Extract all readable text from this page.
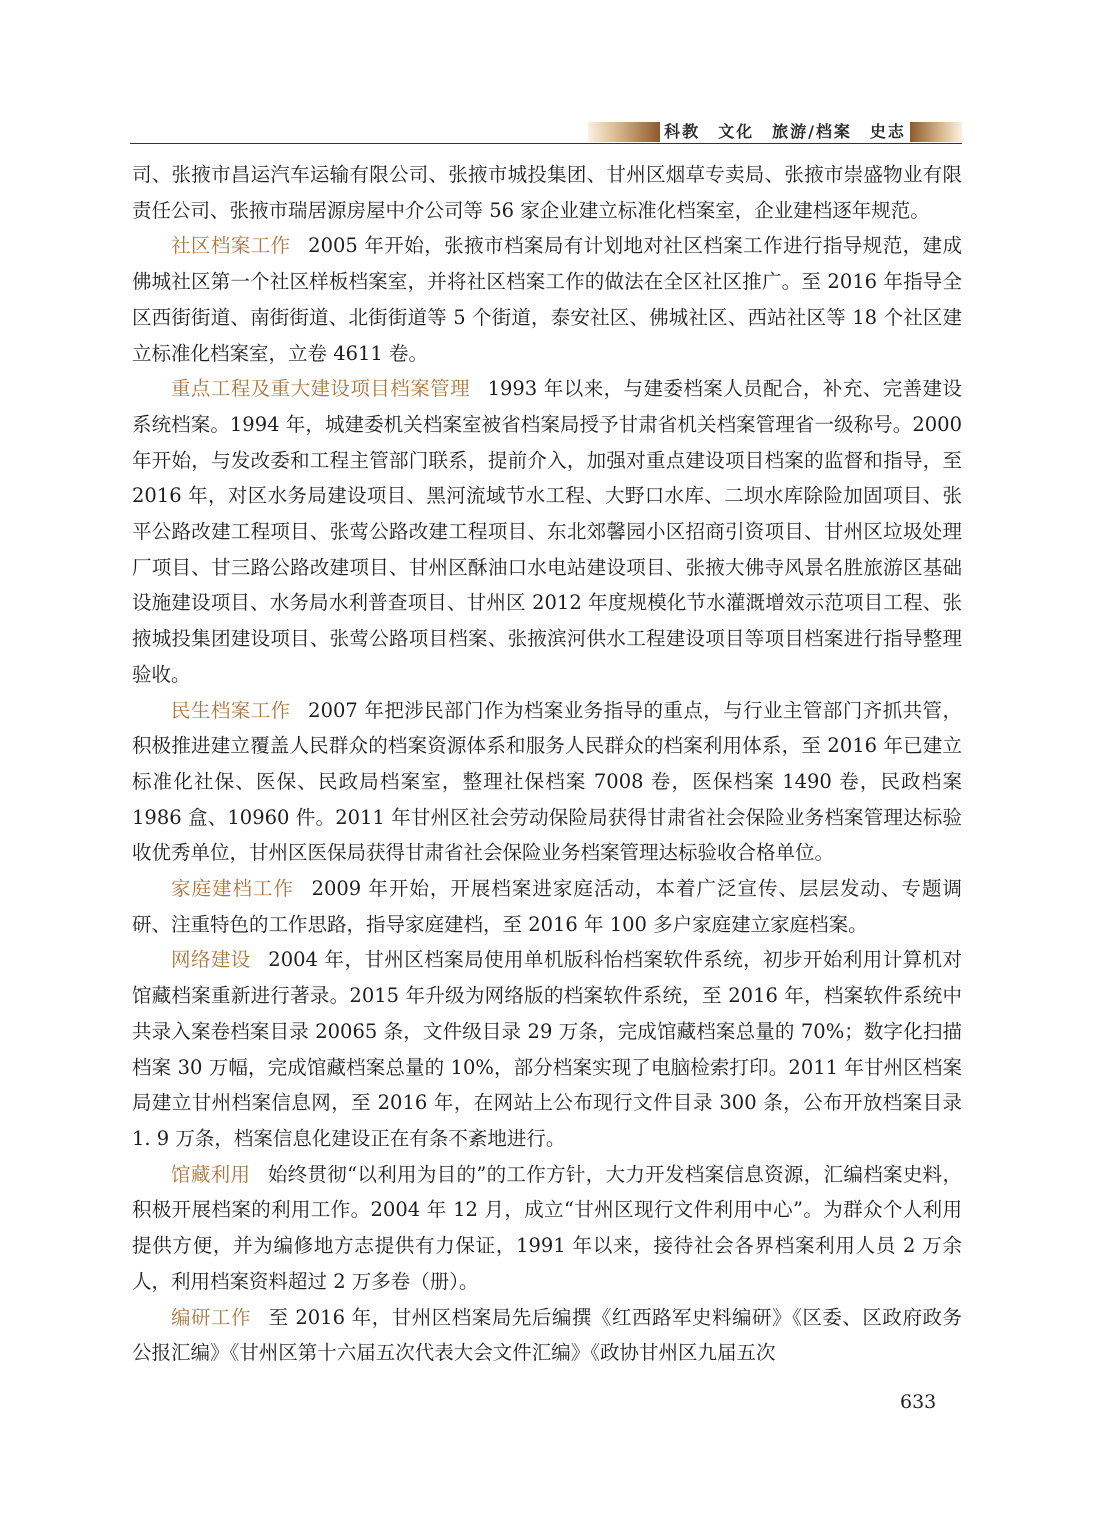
科教　文化　旅游/档案　史志

司、张掖市昌运汽车运输有限公司、张掖市城投集团、甘州区烟草专卖局、张掖市崇盛物业有限责任公司、张掖市瑞居源房屋中介公司等 56 家企业建立标准化档案室，企业建档逐年规范。

社区档案工作 2005 年开始，张掖市档案局有计划地对社区档案工作进行指导规范，建成佛城社区第一个社区样板档案室，并将社区档案工作的做法在全区社区推广。至 2016 年指导全区西街街道、南街街道、北街街道等 5 个街道，泰安社区、佛城社区、西站社区等 18 个社区建立标准化档案室，立卷 4611 卷。

重点工程及重大建设项目档案管理 1993 年以来，与建委档案人员配合，补充、完善建设系统档案。1994 年，城建委机关档案室被省档案局授予甘肃省机关档案管理省一级称号。2000 年开始，与发改委和工程主管部门联系，提前介入，加强对重点建设项目档案的监督和指导，至 2016 年，对区水务局建设项目、黑河流域节水工程、大野口水库、二坝水库除险加固项目、张平公路改建工程项目、张莺公路改建工程项目、东北郊馨园小区招商引资项目、甘州区垃圾处理厂项目、甘三路公路改建项目、甘州区酥油口水电站建设项目、张掖大佛寺风景名胜旅游区基础设施建设项目、水务局水利普查项目、甘州区 2012 年度规模化节水灌溉增效示范项目工程、张掖城投集团建设项目、张莺公路项目档案、张掖滨河供水工程建设项目等项目档案进行指导整理验收。

民生档案工作 2007 年把涉民部门作为档案业务指导的重点，与行业主管部门齐抓共管，积极推进建立覆盖人民群众的档案资源体系和服务人民群众的档案利用体系，至 2016 年已建立标准化社保、医保、民政局档案室，整理社保档案 7008 卷，医保档案 1490 卷，民政档案 1986 盒、10960 件。2011 年甘州区社会劳动保险局获得甘肃省社会保险业务档案管理达标验收优秀单位，甘州区医保局获得甘肃省社会保险业务档案管理达标验收合格单位。

家庭建档工作 2009 年开始，开展档案进家庭活动，本着广泛宣传、层层发动、专题调研、注重特色的工作思路，指导家庭建档，至 2016 年 100 多户家庭建立家庭档案。

网络建设 2004 年，甘州区档案局使用单机版科怡档案软件系统，初步开始利用计算机对馆藏档案重新进行著录。2015 年升级为网络版的档案软件系统，至 2016 年，档案软件系统中共录入案卷档案目录 20065 条，文件级目录 29 万条，完成馆藏档案总量的 70%；数字化扫描档案 30 万幅，完成馆藏档案总量的 10%，部分档案实现了电脑检索打印。2011 年甘州区档案局建立甘州档案信息网，至 2016 年，在网站上公布现行文件目录 300 条，公布开放档案目录 1. 9 万条，档案信息化建设正在有条不紊地进行。

馆藏利用 始终贯彻“以利用为目的”的工作方针，大力开发档案信息资源，汇编档案史料，积极开展档案的利用工作。2004 年 12 月，成立“甘州区现行文件利用中心”。为群众个人利用提供方便，并为编修地方志提供有力保证，1991 年以来，接待社会各界档案利用人员 2 万余人，利用档案资料超过 2 万多卷（册）。

编研工作 至 2016 年，甘州区档案局先后编撰《红西路军史料编研》《区委、区政府政务公报汇编》《甘州区第十六届五次代表大会文件汇编》《政协甘州区九届五次

633
